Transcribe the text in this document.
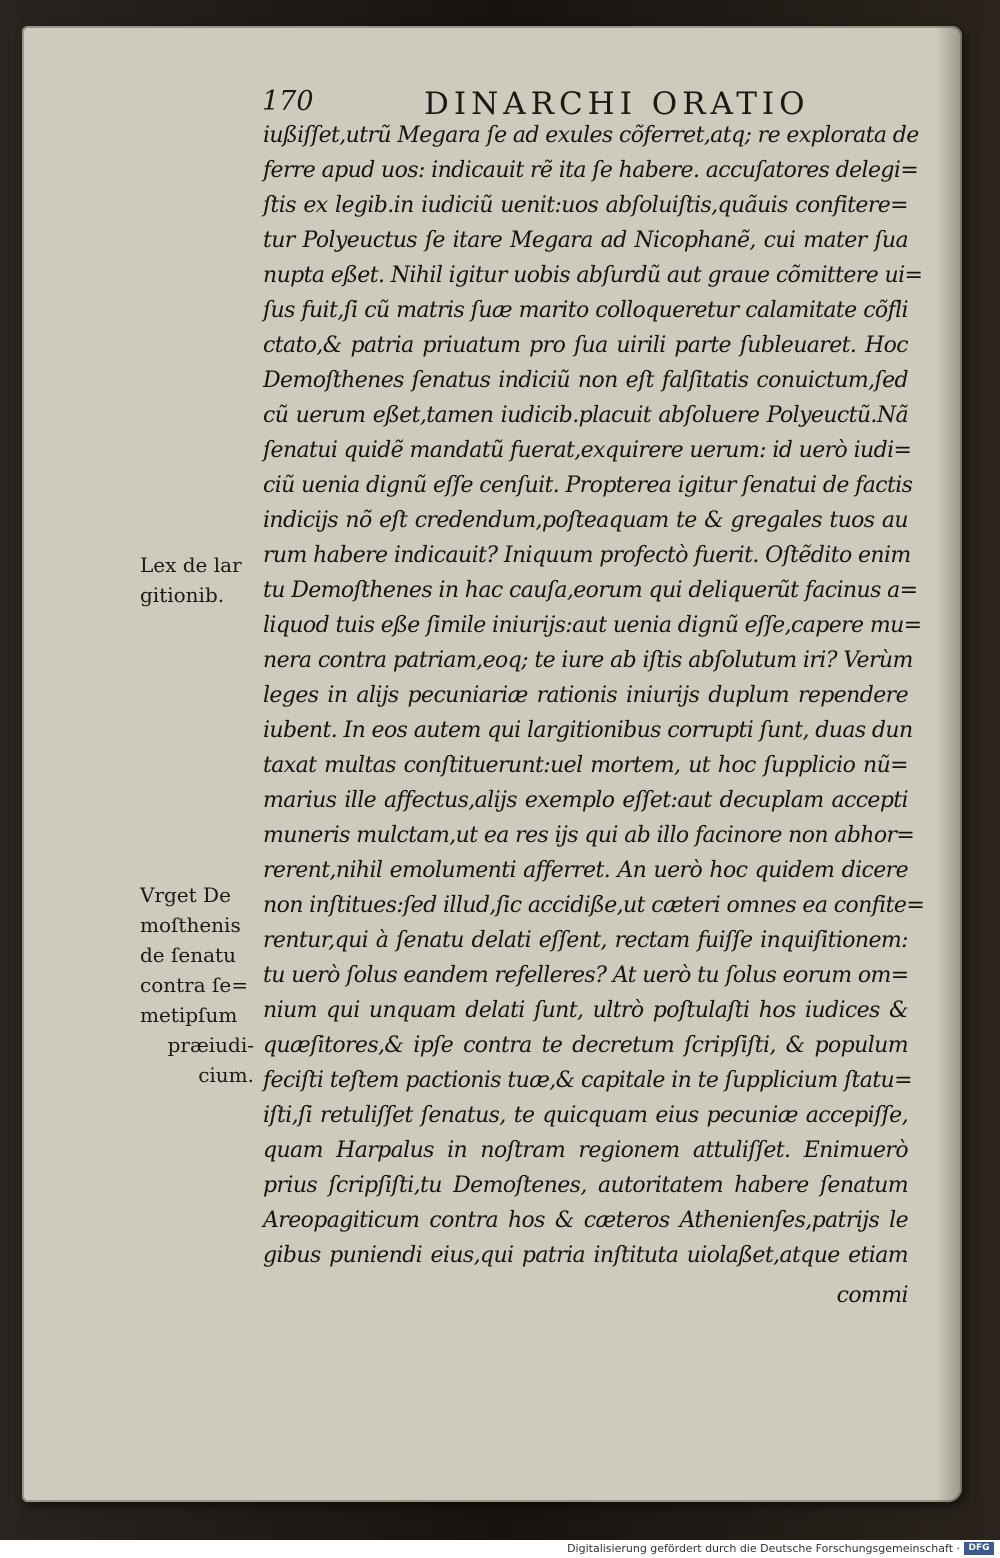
170	DINARCHI ORATIO
iußiſſet,utrũ Megara ſe ad exules cõferret,atq; re explorata de
ferre apud uos: indicauit rẽ ita ſe habere. accuſatores delegi=
ſtis ex legib.in iudiciũ uenit:uos abſoluiſtis,quãuis confitere=
tur Polyeuctus ſe itare Megara ad Nicophanẽ, cui mater ſua
nupta eßet. Nihil igitur uobis abſurdũ aut graue cõmittere ui=
ſus fuit,ſi cũ matris ſuæ marito colloqueretur calamitate cõfli
ctato,& patria priuatum pro ſua uirili parte ſubleuaret. Hoc
Demoſthenes ſenatus indiciũ non eſt falſitatis conuictum,ſed
cũ uerum eßet,tamen iudicib.placuit abſoluere Polyeuctũ.Nã
ſenatui quidẽ mandatũ fuerat,exquirere uerum: id uerò iudi=
ciũ uenia dignũ eſſe cenſuit. Propterea igitur ſenatui de factis
indicijs nõ eſt credendum,poſteaquam te & gregales tuos au
rum habere indicauit? Iniquum profectò fuerit. Oſtẽdito enim
tu Demoſthenes in hac cauſa,eorum qui deliquerũt facinus a=
liquod tuis eße ſimile iniurijs:aut uenia dignũ eſſe,capere mu=
nera contra patriam,eoq; te iure ab iſtis abſolutum iri? Verùm
leges in alijs pecuniariæ rationis iniurijs duplum rependere
iubent. In eos autem qui largitionibus corrupti ſunt, duas dun
taxat multas conſtituerunt:uel mortem, ut hoc ſupplicio nũ=
marius ille affectus,alijs exemplo eſſet:aut decuplam accepti
muneris mulctam,ut ea res ijs qui ab illo facinore non abhor=
rerent,nihil emolumenti afferret. An uerò hoc quidem dicere
non inſtitues:ſed illud,ſic accidiße,ut cæteri omnes ea confite=
rentur,qui à ſenatu delati eſſent, rectam fuiſſe inquiſitionem:
tu uerò ſolus eandem refelleres? At uerò tu ſolus eorum om=
nium qui unquam delati ſunt, ultrò poſtulaſti hos iudices &
quæſitores,& ipſe contra te decretum ſcripſiſti, & populum
feciſti teſtem pactionis tuæ,& capitale in te ſupplicium ſtatu=
iſti,ſi retuliſſet ſenatus, te quicquam eius pecuniæ accepiſſe,
quam Harpalus in noſtram regionem attuliſſet. Enimuerò
prius ſcripſiſti,tu Demoſtenes, autoritatem habere ſenatum
Areopagiticum contra hos & cæteros Athenienſes,patrijs le
gibus puniendi eius,qui patria inſtituta uiolaßet,atque etiam
commi
Lex de lar
gitionib.
Vrget De
moſthenis
de ſenatu
contra ſe=
metipſum
præiudi-
cium.
Digitalisierung gefördert durch die Deutsche Forschungsgemeinschaft · DFG
